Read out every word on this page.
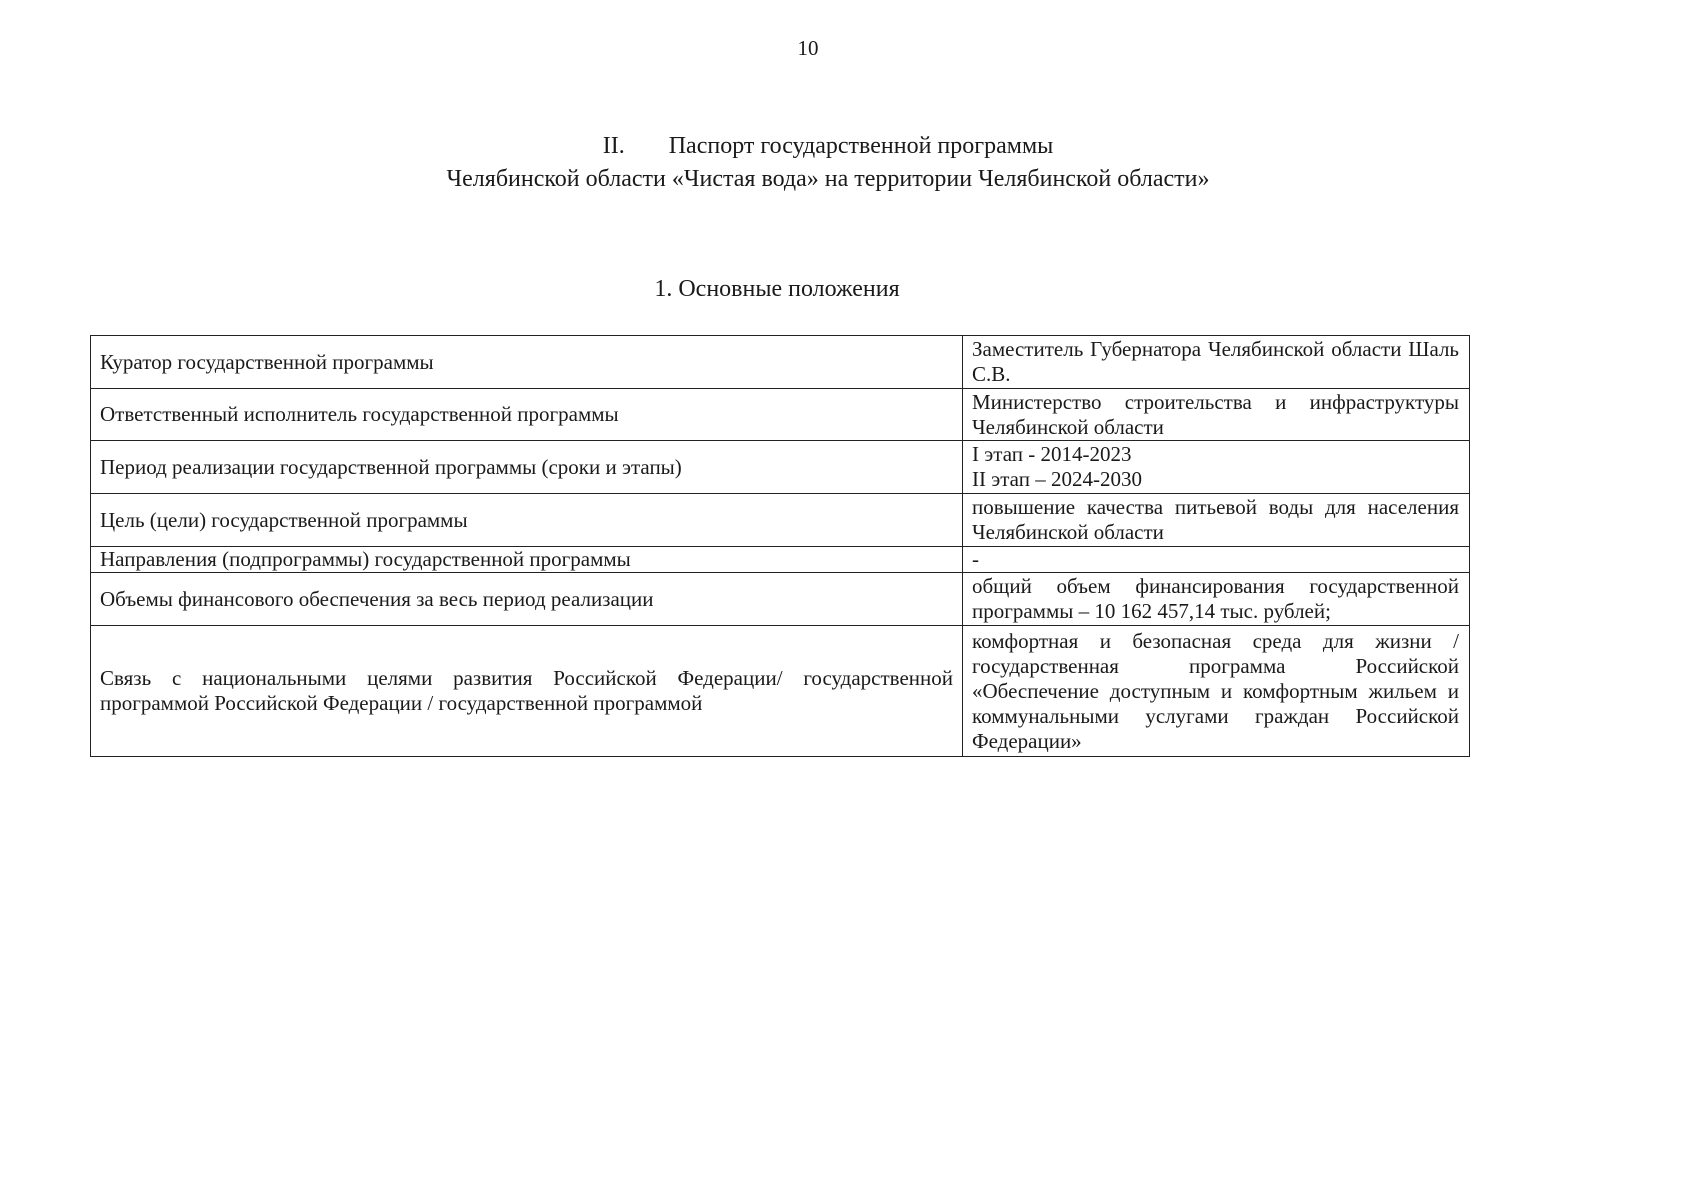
10
II. Паспорт государственной программы
Челябинской области «Чистая вода» на территории Челябинской области»
1. Основные положения
Куратор государственной программы	Заместитель Губернатора Челябинской области Шаль С.В.
Ответственный исполнитель государственной программы	Министерство строительства и инфраструктуры Челябинской области
Период реализации государственной программы (сроки и этапы)	I этап - 2014-2023
II этап – 2024-2030

Цель (цели) государственной программы	повышение качества питьевой воды для населения Челябинской области
Направления (подпрограммы) государственной программы	-
Объемы финансового обеспечения за весь период реализации	общий объем финансирования государственной программы – 10 162 457,14 тыс. рублей;
Связь с национальными целями развития Российской Федерации/ государственной программой Российской Федерации / государственной программой	комфортная и безопасная среда для жизни / государственная программа Российской «Обеспечение доступным и комфортным жильем и коммунальными услугами граждан Российской Федерации»
